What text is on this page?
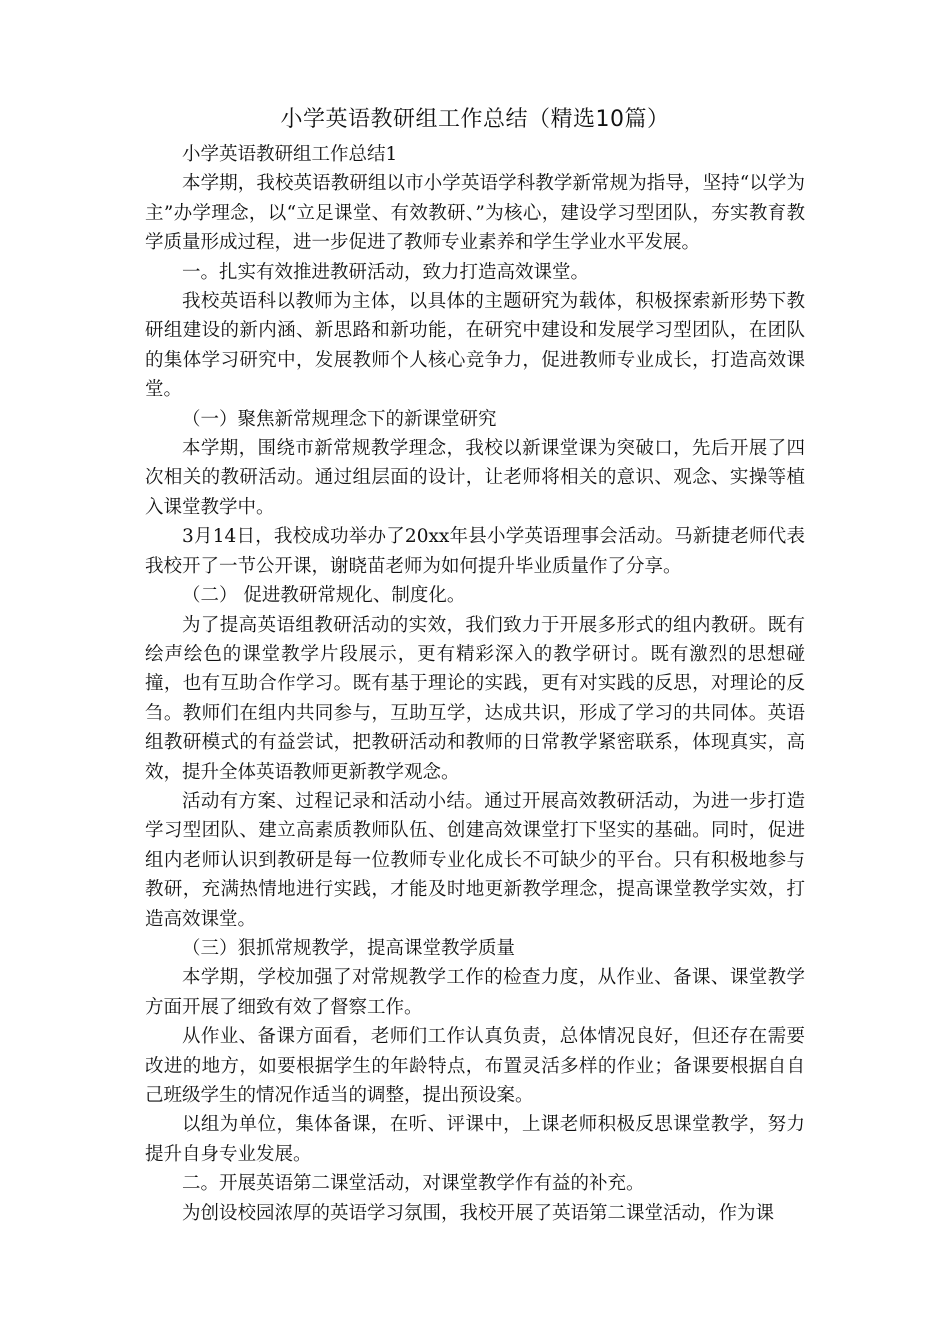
小学英语教研组工作总结（精选10篇）

小学英语教研组工作总结1

本学期，我校英语教研组以市小学英语学科教学新常规为指导，坚持“以学为主”办学理念，以“立足课堂、有效教研、”为核心，建设学习型团队，夯实教育教学质量形成过程，进一步促进了教师专业素养和学生学业水平发展。

一。扎实有效推进教研活动，致力打造高效课堂。

我校英语科以教师为主体，以具体的主题研究为载体，积极探索新形势下教研组建设的新内涵、新思路和新功能，在研究中建设和发展学习型团队，在团队的集体学习研究中，发展教师个人核心竞争力，促进教师专业成长，打造高效课堂。

（一）聚焦新常规理念下的新课堂研究

本学期，围绕市新常规教学理念，我校以新课堂课为突破口，先后开展了四次相关的教研活动。通过组层面的设计，让老师将相关的意识、观念、实操等植入课堂教学中。

3月14日，我校成功举办了20xx年县小学英语理事会活动。马新捷老师代表我校开了一节公开课，谢晓苗老师为如何提升毕业质量作了分享。

（二） 促进教研常规化、制度化。

为了提高英语组教研活动的实效，我们致力于开展多形式的组内教研。既有绘声绘色的课堂教学片段展示，更有精彩深入的教学研讨。既有激烈的思想碰撞，也有互助合作学习。既有基于理论的实践，更有对实践的反思，对理论的反刍。教师们在组内共同参与，互助互学，达成共识，形成了学习的共同体。英语组教研模式的有益尝试，把教研活动和教师的日常教学紧密联系，体现真实，高效，提升全体英语教师更新教学观念。

活动有方案、过程记录和活动小结。通过开展高效教研活动，为进一步打造学习型团队、建立高素质教师队伍、创建高效课堂打下坚实的基础。同时，促进组内老师认识到教研是每一位教师专业化成长不可缺少的平台。只有积极地参与教研，充满热情地进行实践，才能及时地更新教学理念，提高课堂教学实效，打造高效课堂。

（三）狠抓常规教学，提高课堂教学质量

本学期，学校加强了对常规教学工作的检查力度，从作业、备课、课堂教学方面开展了细致有效了督察工作。

从作业、备课方面看，老师们工作认真负责，总体情况良好，但还存在需要改进的地方，如要根据学生的年龄特点，布置灵活多样的作业；备课要根据自自己班级学生的情况作适当的调整，提出预设案。

以组为单位，集体备课，在听、评课中，上课老师积极反思课堂教学，努力提升自身专业发展。

二。开展英语第二课堂活动，对课堂教学作有益的补充。

为创设校园浓厚的英语学习氛围，我校开展了英语第二课堂活动，作为课
